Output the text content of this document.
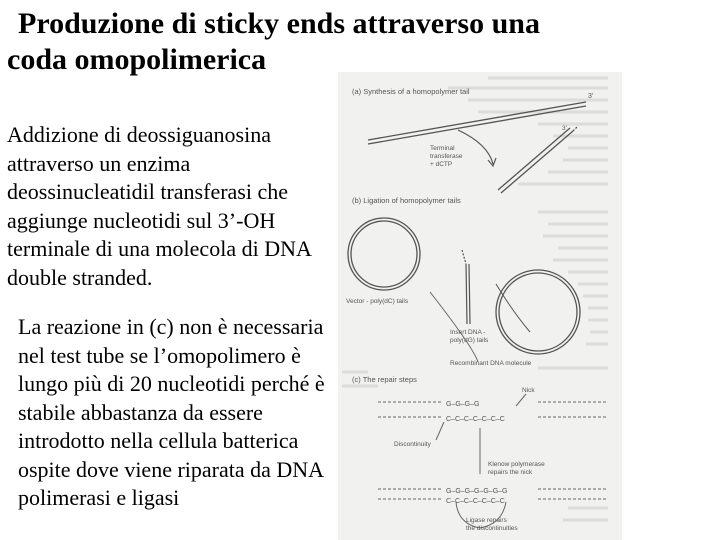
Produzione di sticky ends attraverso una
coda omopolimerica

Addizione di deossiguanosina attraverso un enzima deossinucleatidil transferasi che aggiunge nucleotidi sul 3’-OH terminale di una molecola di DNA double stranded.

La reazione in (c) non è necessaria nel test tube se l’omopolimero è lungo più di 20 nucleotidi perché è stabile abbastanza da essere introdotto nella cellula batterica ospite dove viene riparata da DNA polimerasi e ligasi

(a) Synthesis of a homopolymer tail
3’
Terminal
transferase
+ dCTP
3’
(b) Ligation of homopolymer tails
Vector - poly(dC) tails
Insert DNA -
poly(dG) tails
Recombinant DNA molecule
(c) The repair steps
Nick
G–G–G–G
C–C–C–C–C–C–C
Discontinuity
Klenow polymerase
repairs the nick
G–G–G–G–G–G–G
C–C–C–C–C–C–C
Ligase repairs
the discontinuities
